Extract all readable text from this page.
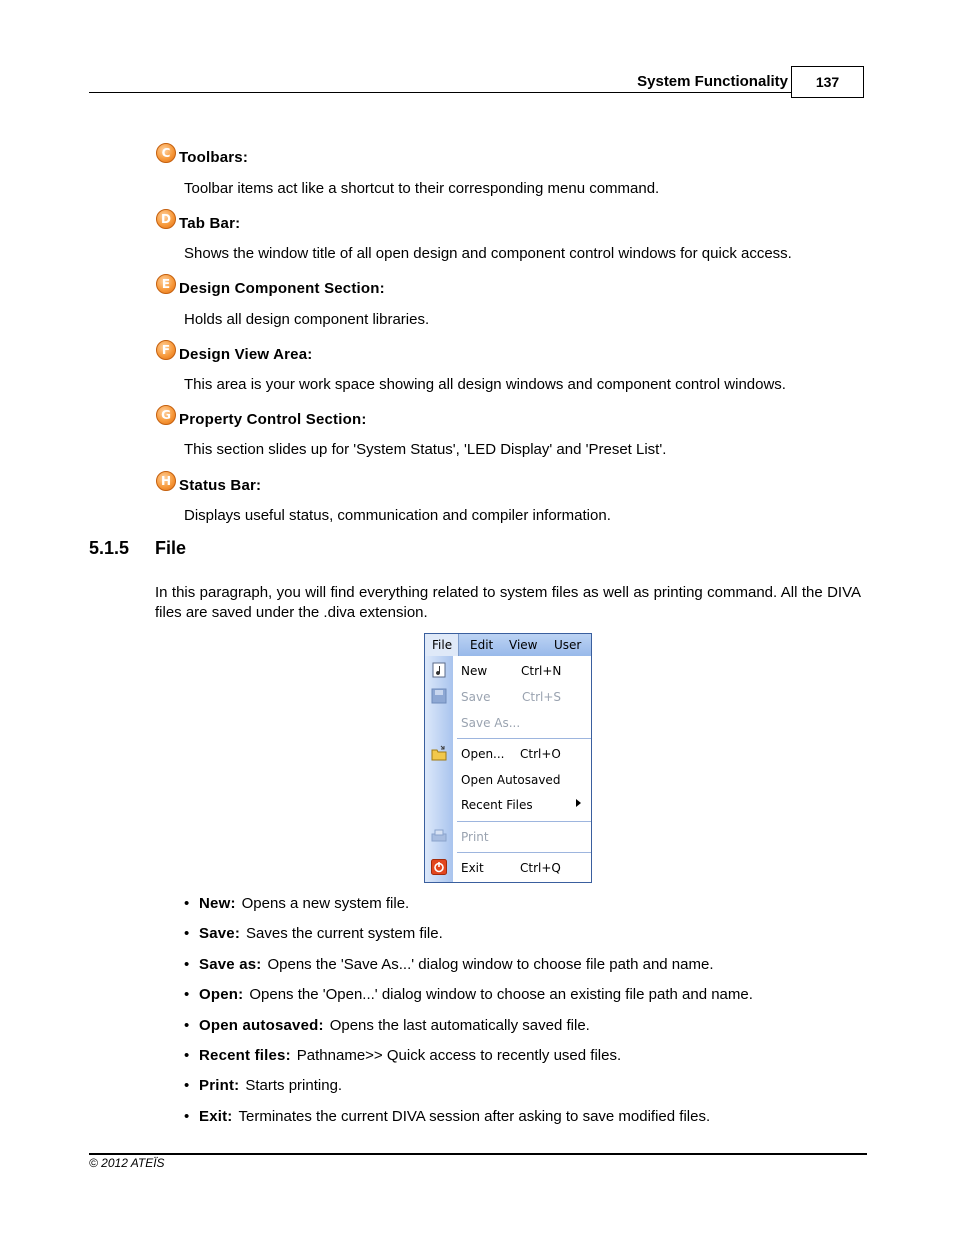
System Functionality	137
C Toolbars:
Toolbar items act like a shortcut to their corresponding menu command.
D Tab Bar:
Shows the window title of all open design and component control windows for quick access.
E Design Component Section:
Holds all design component libraries.
F Design View Area:
This area is your work space showing all design windows and component control windows.
G Property Control Section:
This section slides up for 'System Status', 'LED Display' and 'Preset List'.
H Status Bar:
Displays useful status, communication and compiler information.
5.1.5 File
In this paragraph, you will find everything related to system files as well as printing command. All the DIVA files are saved under the .diva extension.
File Edit View User
New	Ctrl+N
Save	Ctrl+S
Save As...
Open... Ctrl+O
Open Autosaved
Recent Files
Print
Exit	Ctrl+Q
• New: Opens a new system file.
• Save: Saves the current system file.
• Save as: Opens the 'Save As...' dialog window to choose file path and name.
• Open: Opens the 'Open...' dialog window to choose an existing file path and name.
• Open autosaved: Opens the last automatically saved file.
• Recent files: Pathname>> Quick access to recently used files.
• Print: Starts printing.
• Exit: Terminates the current DIVA session after asking to save modified files.
© 2012 ATEÏS
